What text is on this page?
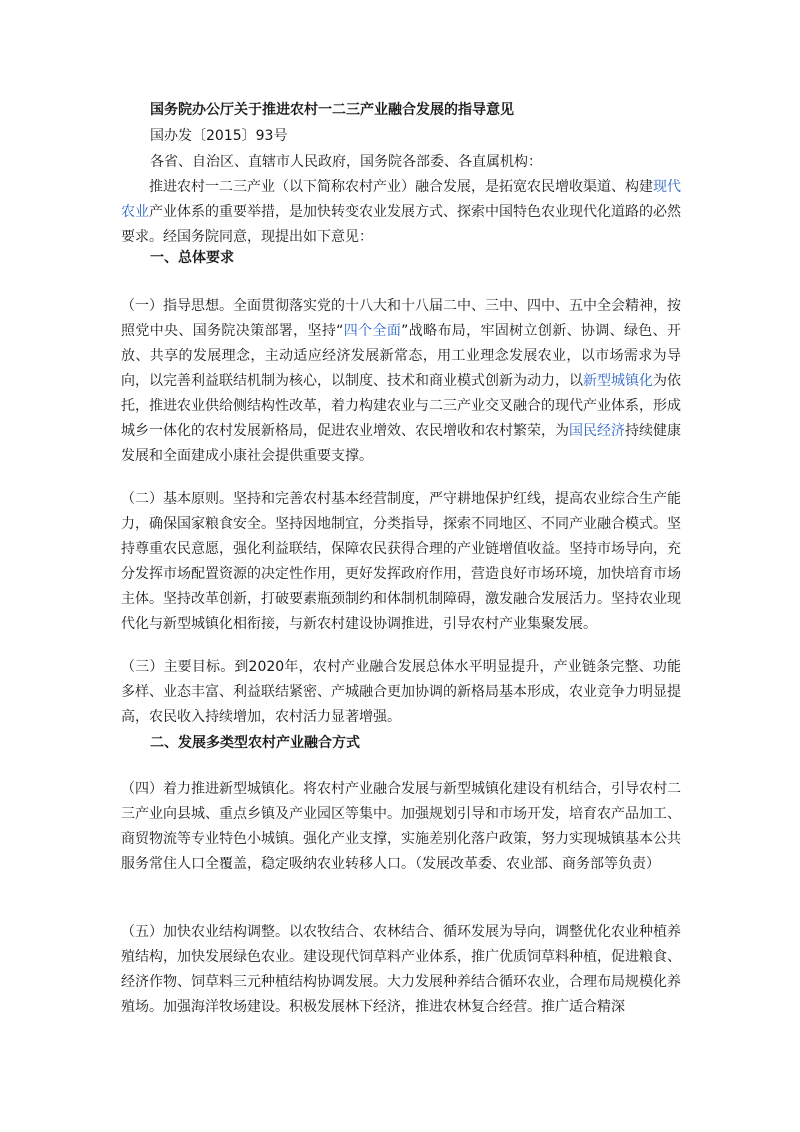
国务院办公厅关于推进农村一二三产业融合发展的指导意见
国办发〔2015〕93号
各省、自治区、直辖市人民政府，国务院各部委、各直属机构：
推进农村一二三产业（以下简称农村产业）融合发展，是拓宽农民增收渠道、构建现代农业产业体系的重要举措，是加快转变农业发展方式、探索中国特色农业现代化道路的必然要求。经国务院同意，现提出如下意见：
一、总体要求
（一）指导思想。全面贯彻落实党的十八大和十八届二中、三中、四中、五中全会精神，按照党中央、国务院决策部署，坚持“四个全面”战略布局，牢固树立创新、协调、绿色、开放、共享的发展理念，主动适应经济发展新常态，用工业理念发展农业，以市场需求为导向，以完善利益联结机制为核心，以制度、技术和商业模式创新为动力，以新型城镇化为依托，推进农业供给侧结构性改革，着力构建农业与二三产业交叉融合的现代产业体系，形成城乡一体化的农村发展新格局，促进农业增效、农民增收和农村繁荣，为国民经济持续健康发展和全面建成小康社会提供重要支撑。
（二）基本原则。坚持和完善农村基本经营制度，严守耕地保护红线，提高农业综合生产能力，确保国家粮食安全。坚持因地制宜，分类指导，探索不同地区、不同产业融合模式。坚持尊重农民意愿，强化利益联结，保障农民获得合理的产业链增值收益。坚持市场导向，充分发挥市场配置资源的决定性作用，更好发挥政府作用，营造良好市场环境，加快培育市场主体。坚持改革创新，打破要素瓶颈制约和体制机制障碍，激发融合发展活力。坚持农业现代化与新型城镇化相衔接，与新农村建设协调推进，引导农村产业集聚发展。
（三）主要目标。到2020年，农村产业融合发展总体水平明显提升，产业链条完整、功能多样、业态丰富、利益联结紧密、产城融合更加协调的新格局基本形成，农业竞争力明显提高，农民收入持续增加，农村活力显著增强。
二、发展多类型农村产业融合方式
（四）着力推进新型城镇化。将农村产业融合发展与新型城镇化建设有机结合，引导农村二三产业向县城、重点乡镇及产业园区等集中。加强规划引导和市场开发，培育农产品加工、商贸物流等专业特色小城镇。强化产业支撑，实施差别化落户政策，努力实现城镇基本公共服务常住人口全覆盖，稳定吸纳农业转移人口。（发展改革委、农业部、商务部等负责）
（五）加快农业结构调整。以农牧结合、农林结合、循环发展为导向，调整优化农业种植养殖结构，加快发展绿色农业。建设现代饲草料产业体系，推广优质饲草料种植，促进粮食、经济作物、饲草料三元种植结构协调发展。大力发展种养结合循环农业，合理布局规模化养殖场。加强海洋牧场建设。积极发展林下经济，推进农林复合经营。推广适合精深
